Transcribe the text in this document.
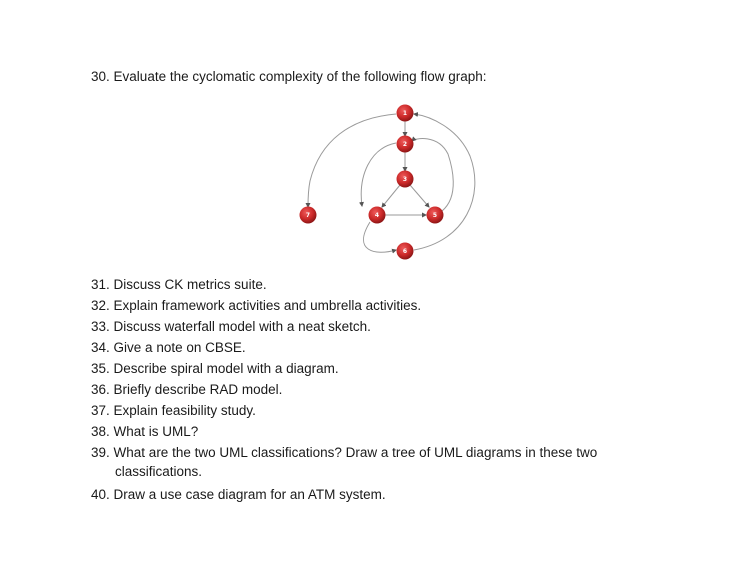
30. Evaluate the cyclomatic complexity of the following flow graph:
1
2
3
4	5
6
7
31. Discuss CK metrics suite.
32. Explain framework activities and umbrella activities.
33. Discuss waterfall model with a neat sketch.
34. Give a note on CBSE.
35. Describe spiral model with a diagram.
36. Briefly describe RAD model.
37. Explain feasibility study.
38. What is UML?
39. What are the two UML classifications? Draw a tree of UML diagrams in these two
classifications.
40. Draw a use case diagram for an ATM system.
